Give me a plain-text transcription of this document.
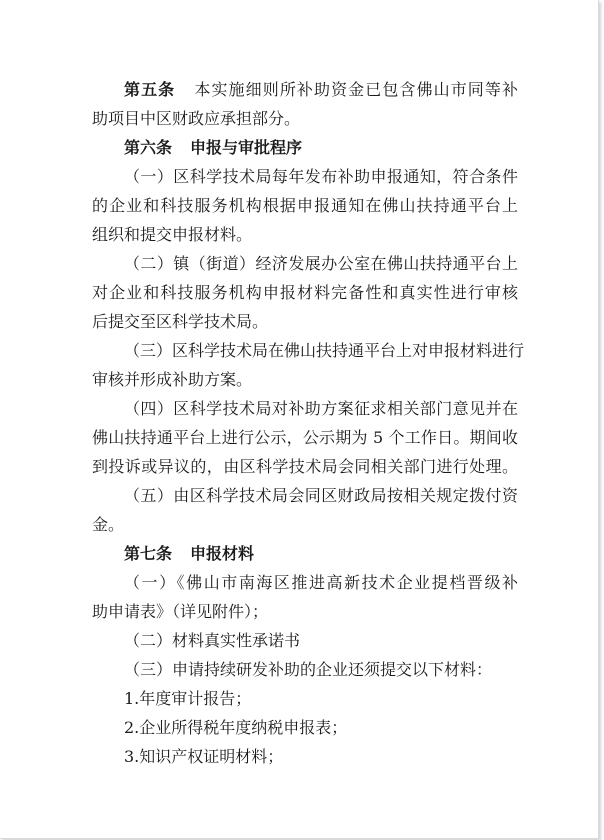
第五条 本实施细则所补助资金已包含佛山市同等补
助项目中区财政应承担部分。
第六条 申报与审批程序
（一）区科学技术局每年发布补助申报通知，符合条件
的企业和科技服务机构根据申报通知在佛山扶持通平台上
组织和提交申报材料。
（二）镇（街道）经济发展办公室在佛山扶持通平台上
对企业和科技服务机构申报材料完备性和真实性进行审核
后提交至区科学技术局。
（三）区科学技术局在佛山扶持通平台上对申报材料进行
审核并形成补助方案。
（四）区科学技术局对补助方案征求相关部门意见并在
佛山扶持通平台上进行公示，公示期为 5 个工作日。期间收
到投诉或异议的，由区科学技术局会同相关部门进行处理。
（五）由区科学技术局会同区财政局按相关规定拨付资
金。
第七条 申报材料
（一）《佛山市南海区推进高新技术企业提档晋级补
助申请表》（详见附件）；
（二）材料真实性承诺书
（三）申请持续研发补助的企业还须提交以下材料：
1.年度审计报告；
2.企业所得税年度纳税申报表；
3.知识产权证明材料；
